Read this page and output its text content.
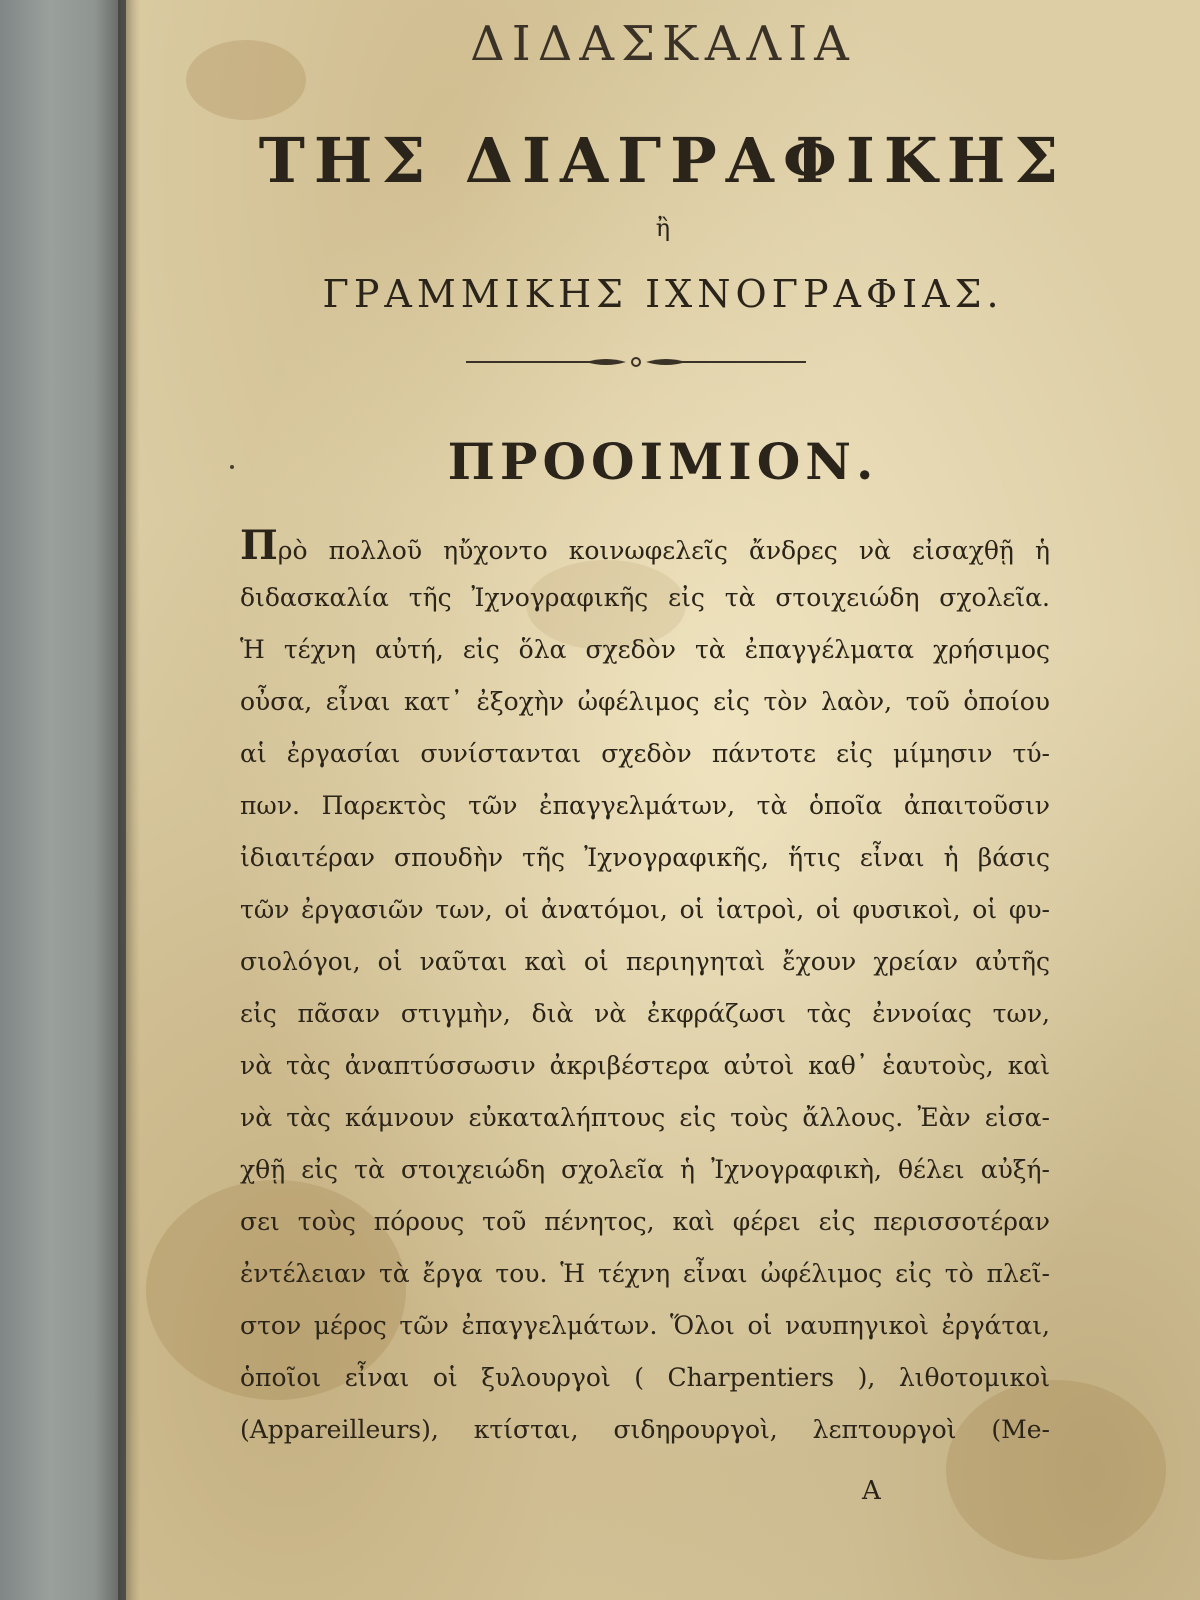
ΔΙΔΑΣΚΑΛΙΑ
ΤΗΣ ΔΙΑΓΡΑΦΙΚΗΣ
ἢ
ΓΡΑΜΜΙΚΗΣ ΙΧΝΟΓΡΑΦΙΑΣ.
ΠΡΟΟΙΜΙΟΝ.
Πρὸ πολλοῦ ηὔχοντο κοινωφελεῖς ἄνδρες νὰ εἰσαχθῇ ἡ
διδασκαλία τῆς Ἰχνογραφικῆς εἰς τὰ στοιχειώδη σχολεῖα.
Ἡ τέχνη αὐτή, εἰς ὅλα σχεδὸν τὰ ἐπαγγέλματα χρήσιμος
οὖσα, εἶναι κατ᾽ ἐξοχὴν ὠφέλιμος εἰς τὸν λαὸν, τοῦ ὁποίου
αἱ ἐργασίαι συνίστανται σχεδὸν πάντοτε εἰς μίμησιν τύ-
πων. Παρεκτὸς τῶν ἐπαγγελμάτων, τὰ ὁποῖα ἀπαιτοῦσιν
ἰδιαιτέραν σπουδὴν τῆς Ἰχνογραφικῆς, ἥτις εἶναι ἡ βάσις
τῶν ἐργασιῶν των, οἱ ἀνατόμοι, οἱ ἰατροὶ, οἱ φυσικοὶ, οἱ φυ-
σιολόγοι, οἱ ναῦται καὶ οἱ περιηγηταὶ ἔχουν χρείαν αὐτῆς
εἰς πᾶσαν στιγμὴν, διὰ νὰ ἐκφράζωσι τὰς ἐννοίας των,
νὰ τὰς ἀναπτύσσωσιν ἀκριβέστερα αὐτοὶ καθ᾽ ἑαυτοὺς, καὶ
νὰ τὰς κάμνουν εὐκαταλήπτους εἰς τοὺς ἄλλους. Ἐὰν εἰσα-
χθῇ εἰς τὰ στοιχειώδη σχολεῖα ἡ Ἰχνογραφικὴ, θέλει αὐξή-
σει τοὺς πόρους τοῦ πένητος, καὶ φέρει εἰς περισσοτέραν
ἐντέλειαν τὰ ἔργα του. Ἡ τέχνη εἶναι ὠφέλιμος εἰς τὸ πλεῖ-
στον μέρος τῶν ἐπαγγελμάτων. Ὅλοι οἱ ναυπηγικοὶ ἐργάται,
ὁποῖοι εἶναι οἱ ξυλουργοὶ ( Charpentiers ), λιθοτομικοὶ
(Appareilleurs), κτίσται, σιδηρουργοὶ, λεπτουργοὶ (Me-
A
